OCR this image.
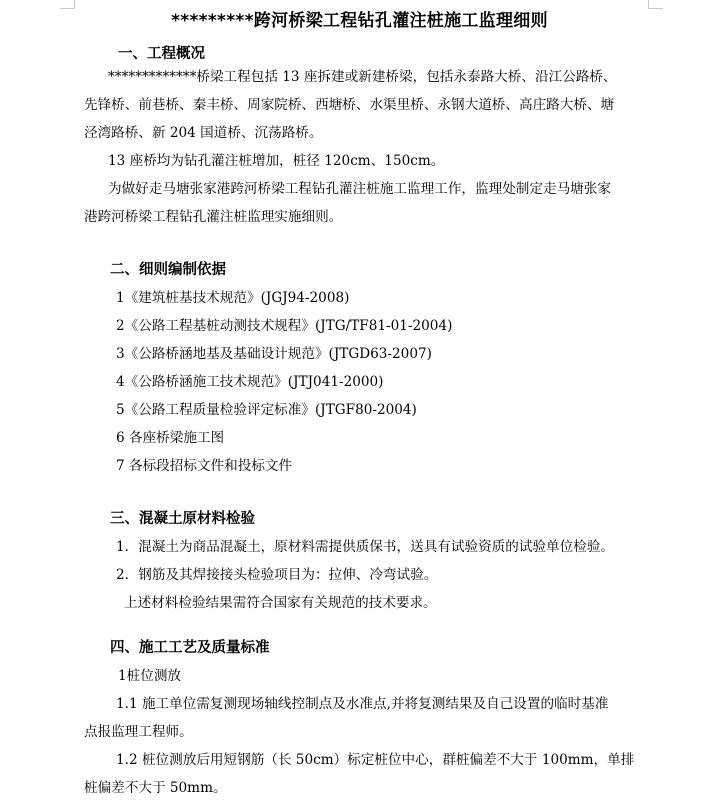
*********跨河桥梁工程钻孔灌注桩施工监理细则
一、工程概况
*************桥梁工程包括 13 座拆建或新建桥梁，包括永泰路大桥、沿江公路桥、
先锋桥、前巷桥、秦丰桥、周家院桥、西塘桥、水渠里桥、永钢大道桥、高庄路大桥、塘
泾湾路桥、新 204 国道桥、沉荡路桥。
13 座桥均为钻孔灌注桩增加，桩径 120cm、150cm。
为做好走马塘张家港跨河桥梁工程钻孔灌注桩施工监理工作，监理处制定走马塘张家
港跨河桥梁工程钻孔灌注桩监理实施细则。
二、细则编制依据
1《建筑桩基技术规范》(JGJ94-2008)
2《公路工程基桩动测技术规程》(JTG/TF81-01-2004)
3《公路桥涵地基及基础设计规范》(JTGD63-2007)
4《公路桥涵施工技术规范》(JTJ041-2000)
5《公路工程质量检验评定标准》(JTGF80-2004)
6 各座桥梁施工图
7 各标段招标文件和投标文件
三、混凝土原材料检验
1．混凝土为商品混凝土，原材料需提供质保书，送具有试验资质的试验单位检验。
2．钢筋及其焊接接头检验项目为：拉伸、冷弯试验。
上述材料检验结果需符合国家有关规范的技术要求。
四、施工工艺及质量标准
1桩位测放
1.1 施工单位需复测现场轴线控制点及水准点,并将复测结果及自己设置的临时基准
点报监理工程师。
1.2 桩位测放后用短钢筋（长 50cm）标定桩位中心，群桩偏差不大于 100mm，单排
桩偏差不大于 50mm。
